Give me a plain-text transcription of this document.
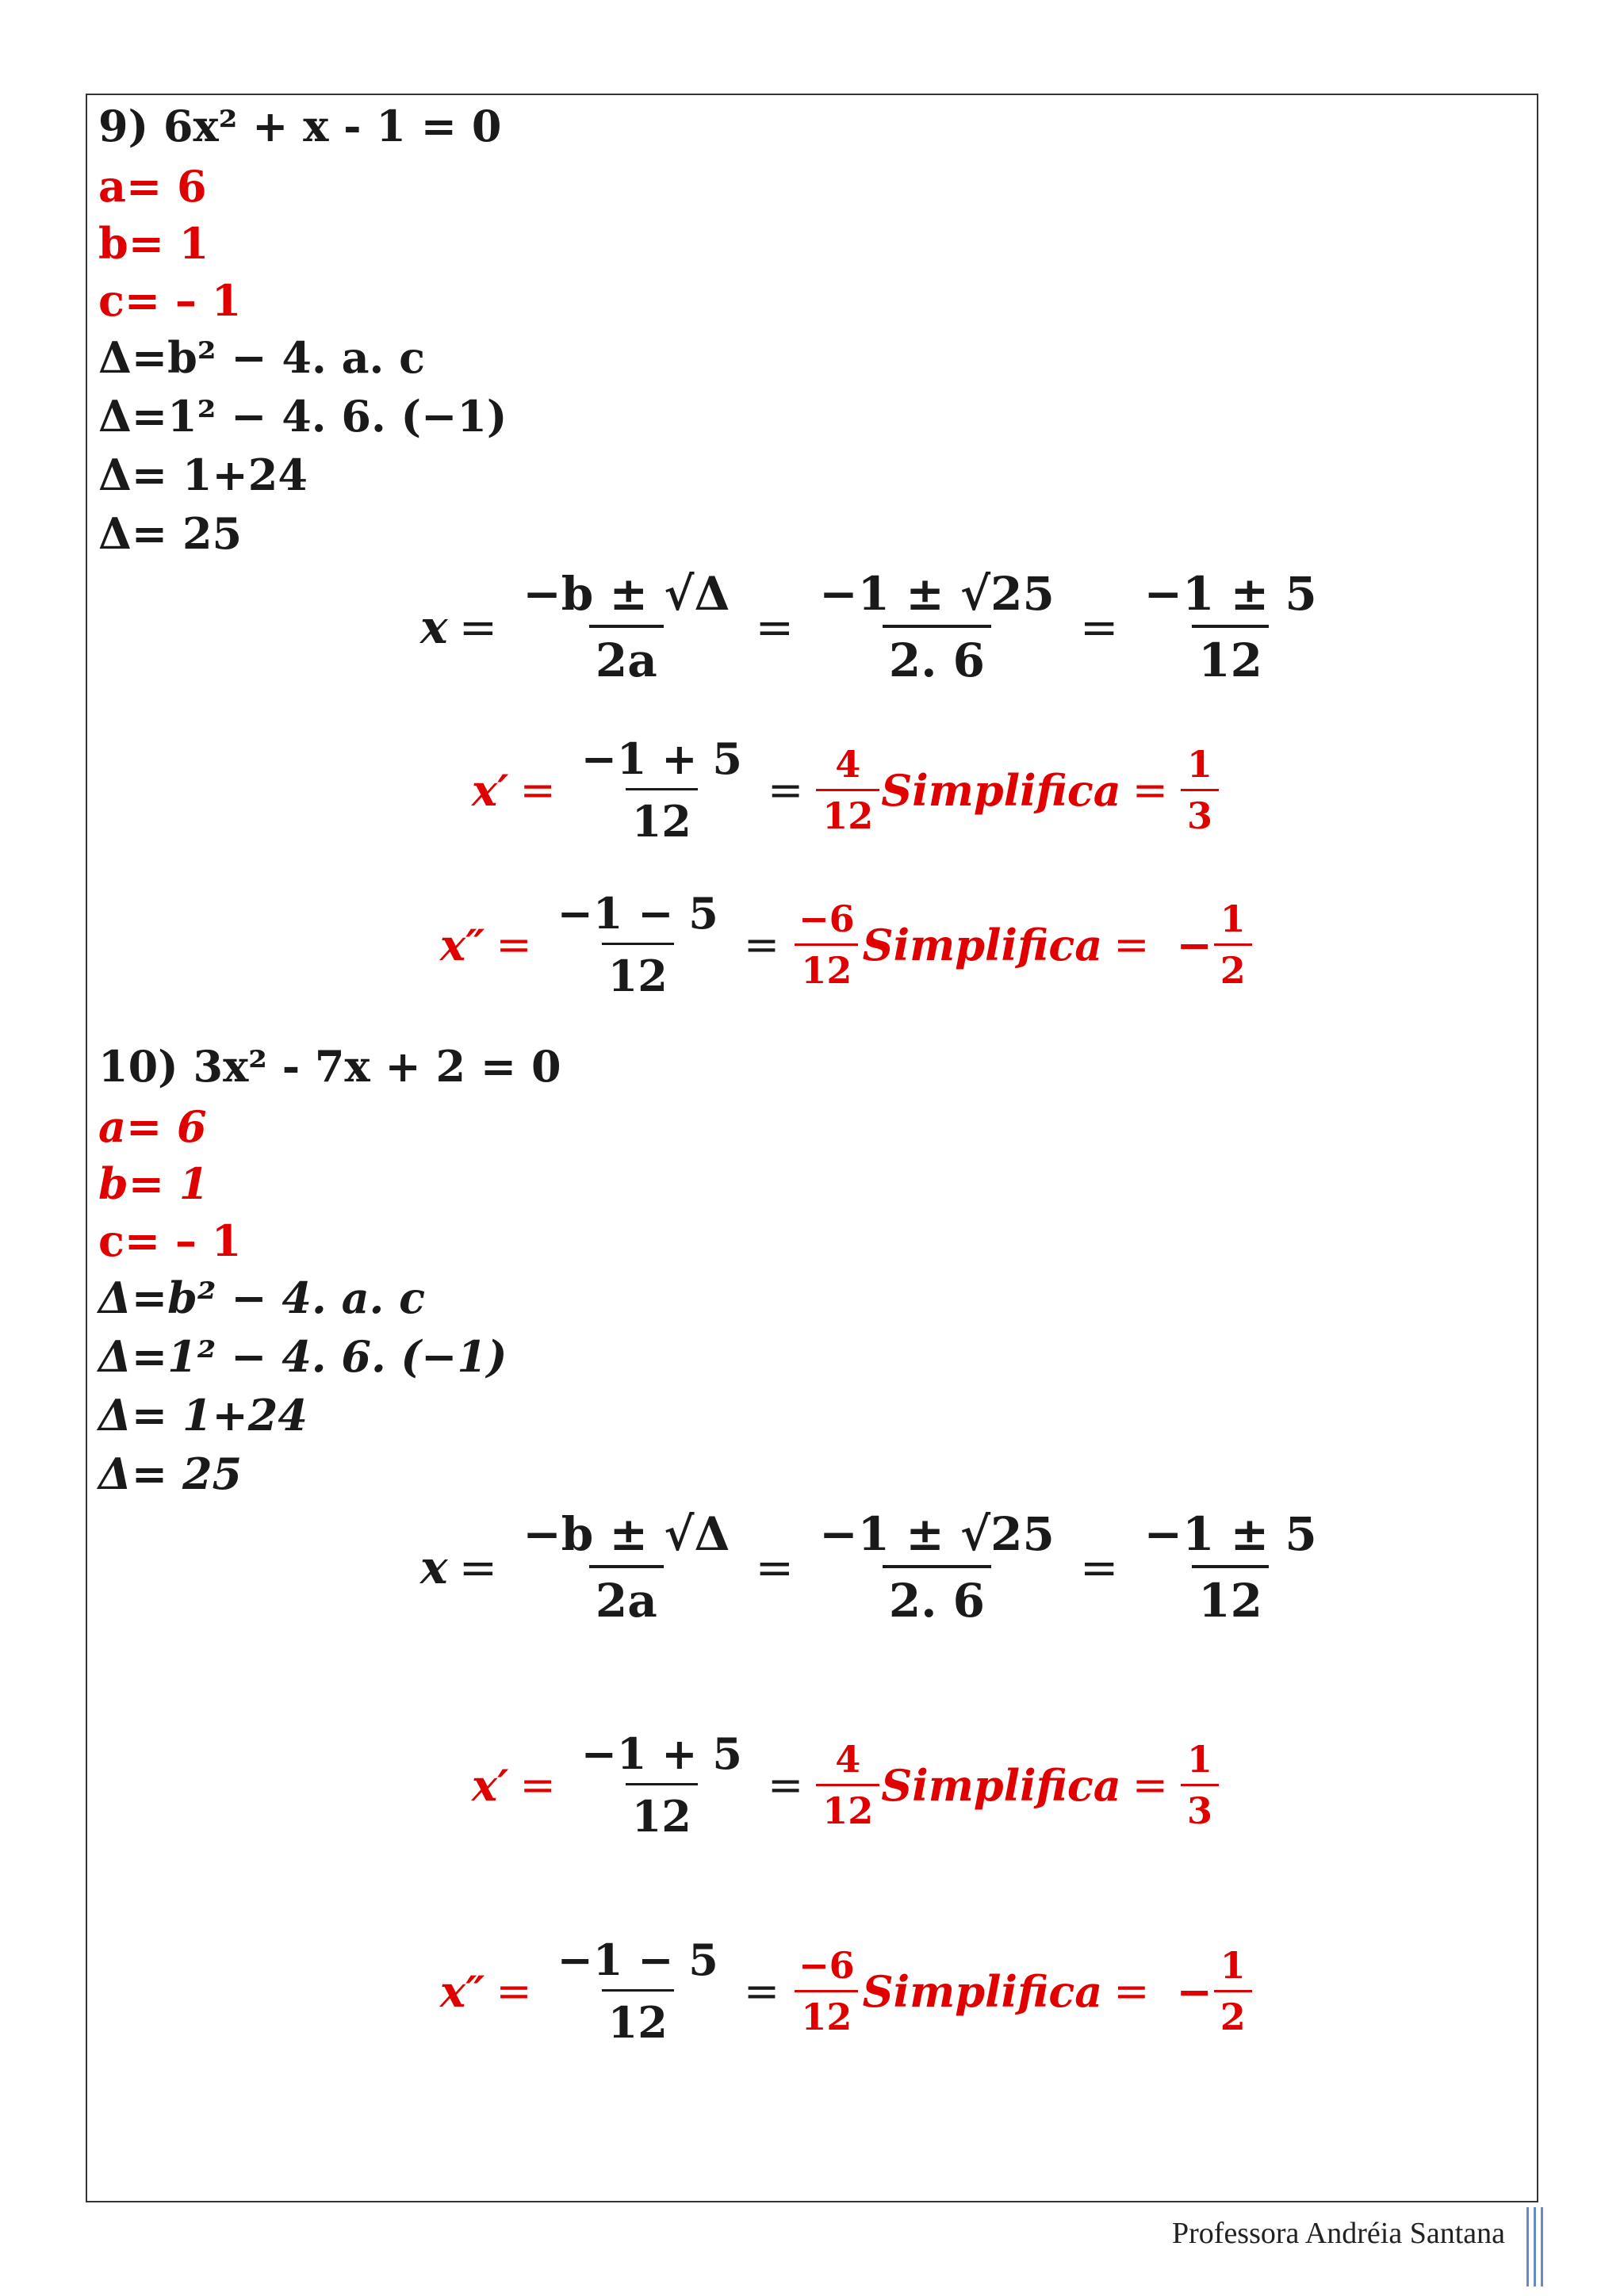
9) 6x² + x - 1 = 0
a= 6
b= 1
c= – 1
Δ=b² − 4. a. c
Δ=1² − 4. 6. (−1)
Δ= 1+24
Δ= 25
$x = \frac{-b \pm √\Delta}{2a} = \frac{-1 \pm √25}{2. 6} = \frac{-1 \pm 5}{12}$
$x' = \frac{-1 + 5}{12} = \frac{4}{12}$ Simplifica = $\frac{1}{3}$
$x'' = \frac{-1 - 5}{12} = \frac{-6}{12}$ Simplifica = − $\frac{1}{2}$
10) 3x² - 7x + 2 = 0
a= 6
b= 1
c= – 1
Δ=b² − 4. a. c
Δ=1² − 4. 6. (−1)
Δ= 1+24
Δ= 25
$x = \frac{-b \pm √\Delta}{2a} = \frac{-1 \pm √25}{2. 6} = \frac{-1 \pm 5}{12}$
$x' = \frac{-1 + 5}{12} = \frac{4}{12}$ Simplifica = $\frac{1}{3}$
$x'' = \frac{-1 - 5}{12} = \frac{-6}{12}$ Simplifica = − $\frac{1}{2}$
Professora Andréia Santana
